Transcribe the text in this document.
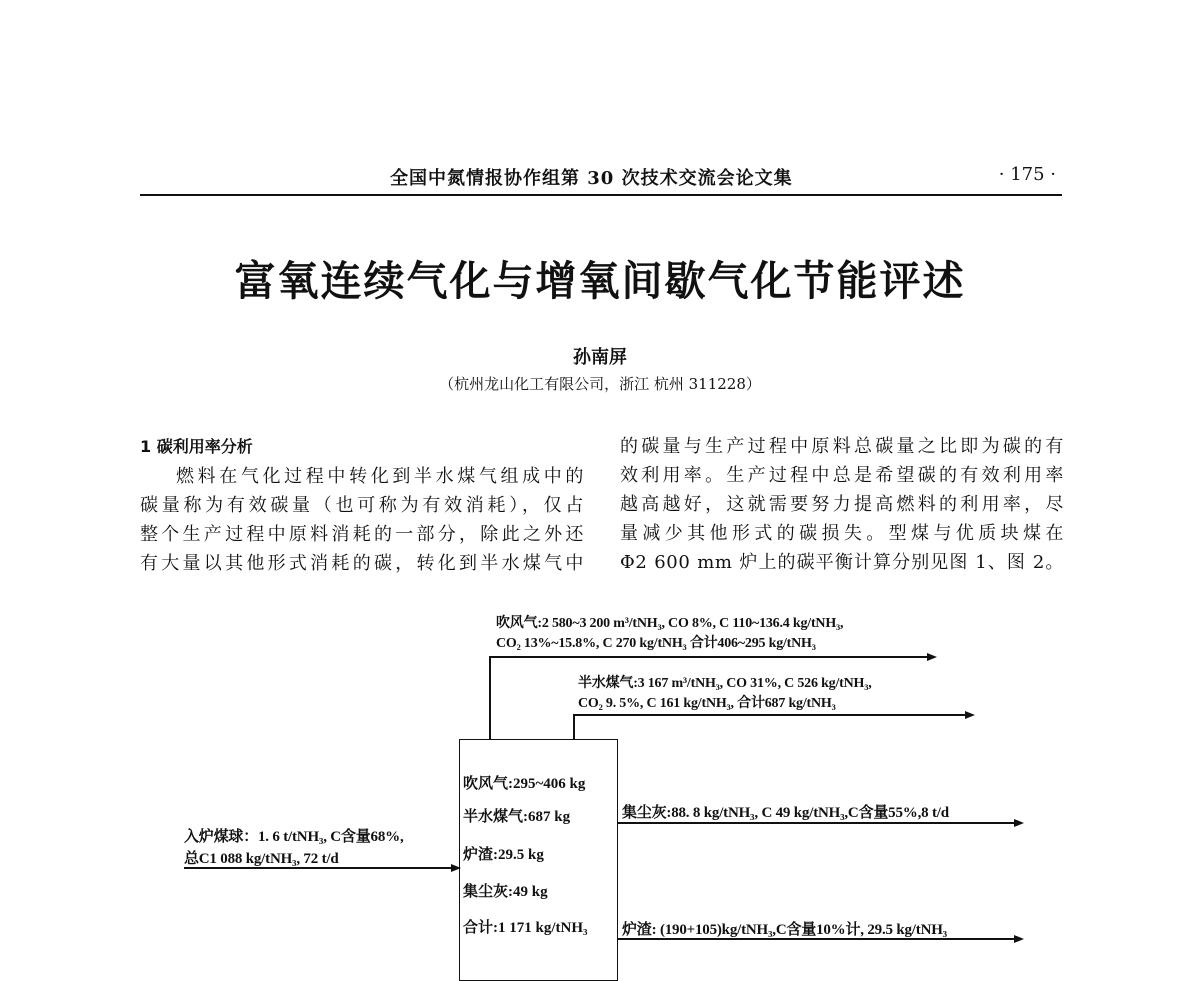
全国中氮情报协作组第 30 次技术交流会论文集	· 175 ·
富氧连续气化与增氧间歇气化节能评述
孙南屏
（杭州龙山化工有限公司，浙江 杭州 311228）
1 碳利用率分析
燃料在气化过程中转化到半水煤气组成中的
碳量称为有效碳量（也可称为有效消耗），仅占
整个生产过程中原料消耗的一部分，除此之外还
有大量以其他形式消耗的碳，转化到半水煤气中
的碳量与生产过程中原料总碳量之比即为碳的有
效利用率。生产过程中总是希望碳的有效利用率
越高越好，这就需要努力提高燃料的利用率，尽
量减少其他形式的碳损失。型煤与优质块煤在
Φ2 600 mm 炉上的碳平衡计算分别见图 1、图 2。
吹风气:2 580~3 200 m³/tNH₃, CO 8%, C 110~136.4 kg/tNH₃,
CO₂ 13%~15.8%, C 270 kg/tNH₃ 合计406~295 kg/tNH₃
半水煤气:3 167 m³/tNH₃, CO 31%, C 526 kg/tNH₃,
CO₂ 9. 5%, C 161 kg/tNH₃, 合计687 kg/tNH₃
吹风气:295~406 kg
半水煤气:687 kg
炉渣:29.5 kg
集尘灰:49 kg
合计:1 171 kg/tNH₃
入炉煤球：1. 6 t/tNH₃, C含量68%,
总C1 088 kg/tNH₃, 72 t/d
集尘灰:88. 8 kg/tNH₃, C 49 kg/tNH₃,C含量55%,8 t/d
炉渣: (190+105)kg/tNH₃,C含量10%计, 29.5 kg/tNH₃
